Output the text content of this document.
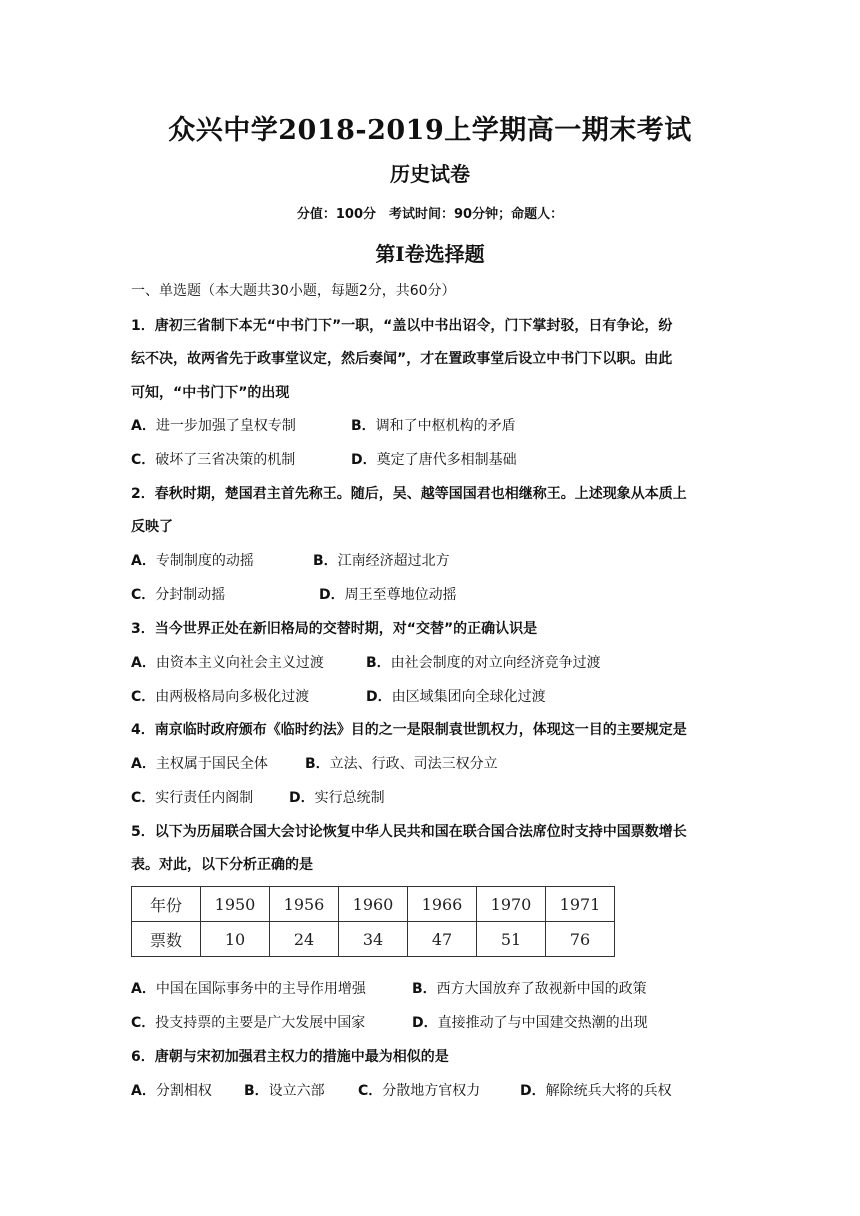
众兴中学2018-2019上学期高一期末考试
历史试卷
分值：100分　考试时间：90分钟；命题人：
第Ⅰ卷选择题
一、单选题（本大题共30小题，每题2分，共60分）
1．唐初三省制下本无“中书门下”一职，“盖以中书出诏令，门下掌封驳，日有争论，纷
纭不决，故两省先于政事堂议定，然后奏闻”，才在置政事堂后设立中书门下以职。由此
可知，“中书门下”的出现
A．进一步加强了皇权专制	B．调和了中枢机构的矛盾
C．破坏了三省决策的机制	D．奠定了唐代多相制基础
2．春秋时期，楚国君主首先称王。随后，吴、越等国国君也相继称王。上述现象从本质上
反映了
A．专制制度的动摇	B．江南经济超过北方
C．分封制动摇	D．周王至尊地位动摇
3．当今世界正处在新旧格局的交替时期，对“交替”的正确认识是
A．由资本主义向社会主义过渡	B．由社会制度的对立向经济竞争过渡
C．由两极格局向多极化过渡	D．由区域集团向全球化过渡
4．南京临时政府颁布《临时约法》目的之一是限制袁世凯权力，体现这一目的主要规定是
A．主权属于国民全体	B．立法、行政、司法三权分立
C．实行责任内阁制	D．实行总统制
5．以下为历届联合国大会讨论恢复中华人民共和国在联合国合法席位时支持中国票数增长
表。对此，以下分析正确的是
年份	1950	1956	1960	1966	1970	1971
票数	10	24	34	47	51	76
A．中国在国际事务中的主导作用增强	B．西方大国放弃了敌视新中国的政策
C．投支持票的主要是广大发展中国家	D．直接推动了与中国建交热潮的出现
6．唐朝与宋初加强君主权力的措施中最为相似的是
A．分割相权	B．设立六部	C．分散地方官权力	D．解除统兵大将的兵权
